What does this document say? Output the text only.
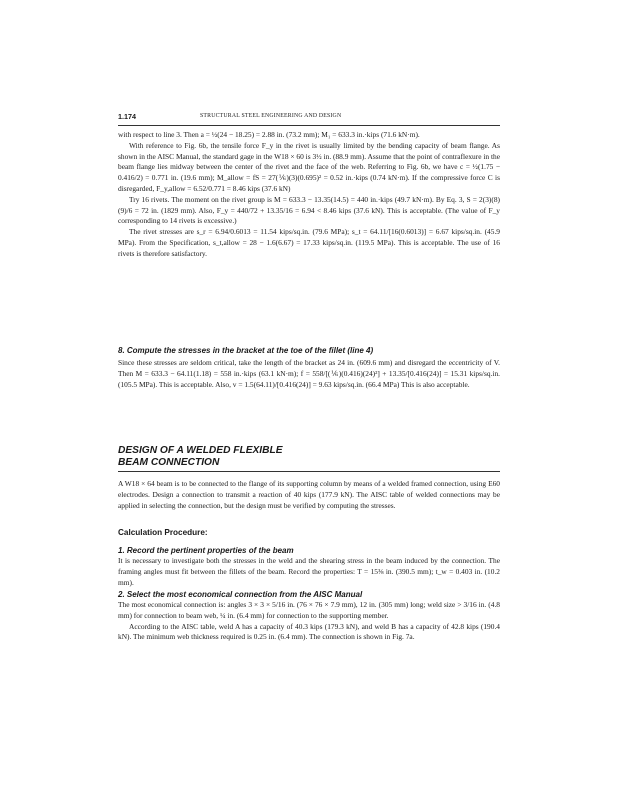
1.174	STRUCTURAL STEEL ENGINEERING AND DESIGN

with respect to line 3. Then a = ½(24 − 18.25) = 2.88 in. (73.2 mm); M₁ = 633.3 in.·kips (71.6 kN·m).

With reference to Fig. 6b, the tensile force F_y in the rivet is usually limited by the bending capacity of beam flange. As shown in the AISC Manual, the standard gage in the W18 × 60 is 3½ in. (88.9 mm). Assume that the point of contraflexure in the beam flange lies midway between the center of the rivet and the face of the web. Referring to Fig. 6b, we have c = ½(1.75 − 0.416/2) = 0.771 in. (19.6 mm); M_allow = fS = 27(⅙)(3)(0.695)² = 0.52 in.·kips (0.74 kN·m). If the compressive force C is disregarded, F_y,allow = 6.52/0.771 = 8.46 kips (37.6 kN)

Try 16 rivets. The moment on the rivet group is M = 633.3 − 13.35(14.5) = 440 in.·kips (49.7 kN·m). By Eq. 3, S = 2(3)(8)(9)/6 = 72 in. (1829 mm). Also, F_y = 440/72 + 13.35/16 = 6.94 < 8.46 kips (37.6 kN). This is acceptable. (The value of F_y corresponding to 14 rivets is excessive.)

The rivet stresses are s_r = 6.94/0.6013 = 11.54 kips/sq.in. (79.6 MPa); s_t = 64.11/[16(0.6013)] = 6.67 kips/sq.in. (45.9 MPa). From the Specification, s_t,allow = 28 − 1.6(6.67) = 17.33 kips/sq.in. (119.5 MPa). This is acceptable. The use of 16 rivets is therefore satisfactory.

8. Compute the stresses in the bracket at the toe of the fillet (line 4)

Since these stresses are seldom critical, take the length of the bracket as 24 in. (609.6 mm) and disregard the eccentricity of V. Then M = 633.3 − 64.11(1.18) = 558 in.·kips (63.1 kN·m); f = 558/[(⅙)(0.416)(24)²] + 13.35/[0.416(24)] = 15.31 kips/sq.in. (105.5 MPa). This is acceptable. Also, v = 1.5(64.11)/[0.416(24)] = 9.63 kips/sq.in. (66.4 MPa) This is also acceptable.

DESIGN OF A WELDED FLEXIBLE

BEAM CONNECTION

A W18 × 64 beam is to be connected to the flange of its supporting column by means of a welded framed connection, using E60 electrodes. Design a connection to transmit a reaction of 40 kips (177.9 kN). The AISC table of welded connections may be applied in selecting the connection, but the design must be verified by computing the stresses.

Calculation Procedure:

1. Record the pertinent properties of the beam

It is necessary to investigate both the stresses in the weld and the shearing stress in the beam induced by the connection. The framing angles must fit between the fillets of the beam. Record the properties: T = 15⅜ in. (390.5 mm); t_w = 0.403 in. (10.2 mm).

2. Select the most economical connection from the AISC Manual

The most economical connection is: angles 3 × 3 × 5/16 in. (76 × 76 × 7.9 mm), 12 in. (305 mm) long; weld size > 3/16 in. (4.8 mm) for connection to beam web, ¼ in. (6.4 mm) for connection to the supporting member.

According to the AISC table, weld A has a capacity of 40.3 kips (179.3 kN), and weld B has a capacity of 42.8 kips (190.4 kN). The minimum web thickness required is 0.25 in. (6.4 mm). The connection is shown in Fig. 7a.
